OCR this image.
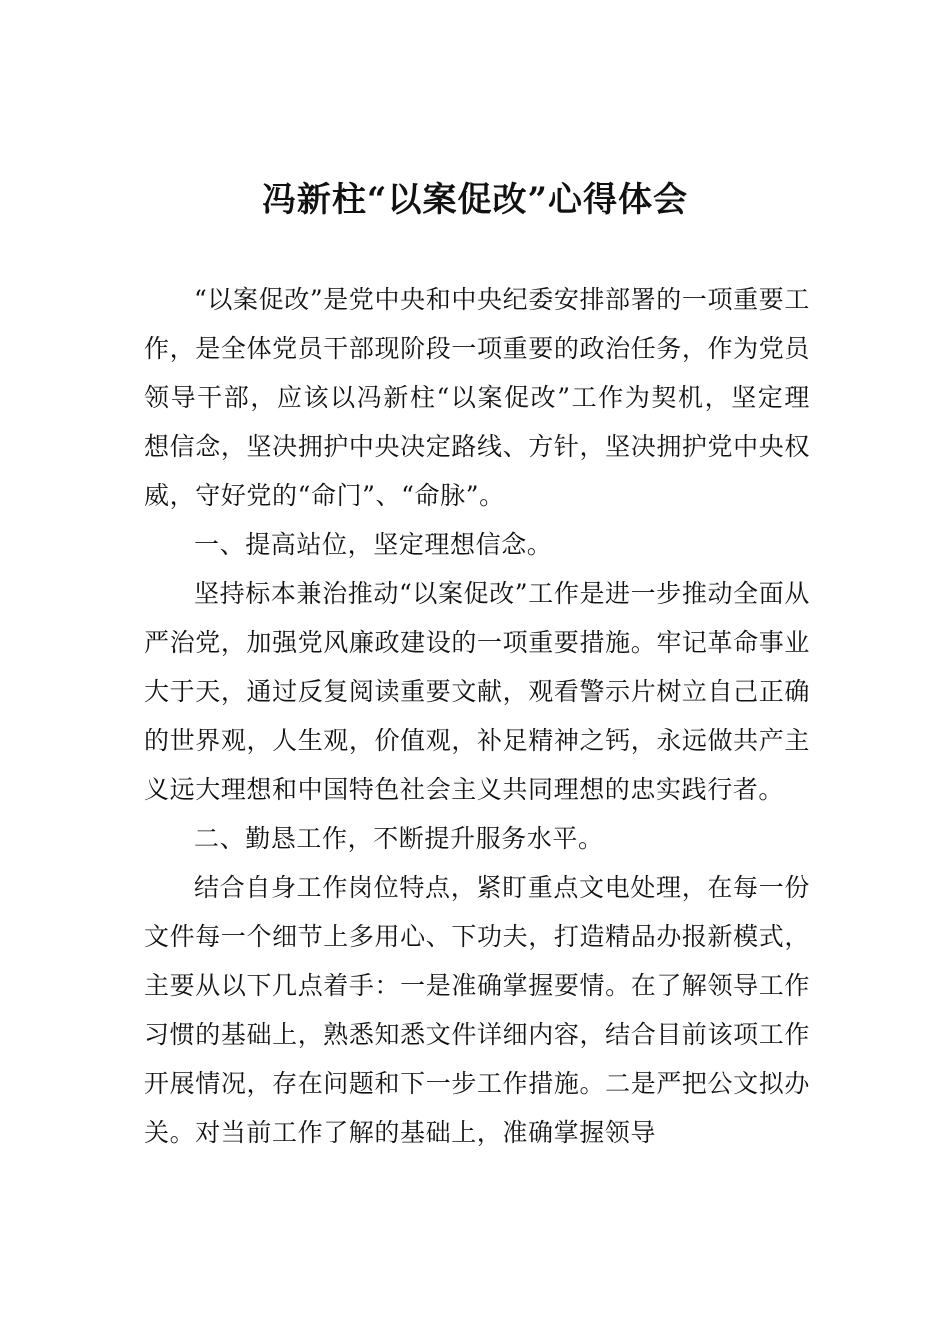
冯新柱“以案促改”心得体会

“以案促改”是党中央和中央纪委安排部署的一项重要工作，是全体党员干部现阶段一项重要的政治任务，作为党员领导干部，应该以冯新柱“以案促改”工作为契机，坚定理想信念，坚决拥护中央决定路线、方针，坚决拥护党中央权威，守好党的“命门”、“命脉”。

一、提高站位，坚定理想信念。

坚持标本兼治推动“以案促改”工作是进一步推动全面从严治党，加强党风廉政建设的一项重要措施。牢记革命事业大于天，通过反复阅读重要文献，观看警示片树立自己正确的世界观，人生观，价值观，补足精神之钙，永远做共产主义远大理想和中国特色社会主义共同理想的忠实践行者。

二、勤恳工作，不断提升服务水平。

结合自身工作岗位特点，紧盯重点文电处理，在每一份文件每一个细节上多用心、下功夫，打造精品办报新模式，主要从以下几点着手：一是准确掌握要情。在了解领导工作习惯的基础上，熟悉知悉文件详细内容，结合目前该项工作开展情况，存在问题和下一步工作措施。二是严把公文拟办关。对当前工作了解的基础上，准确掌握领导
